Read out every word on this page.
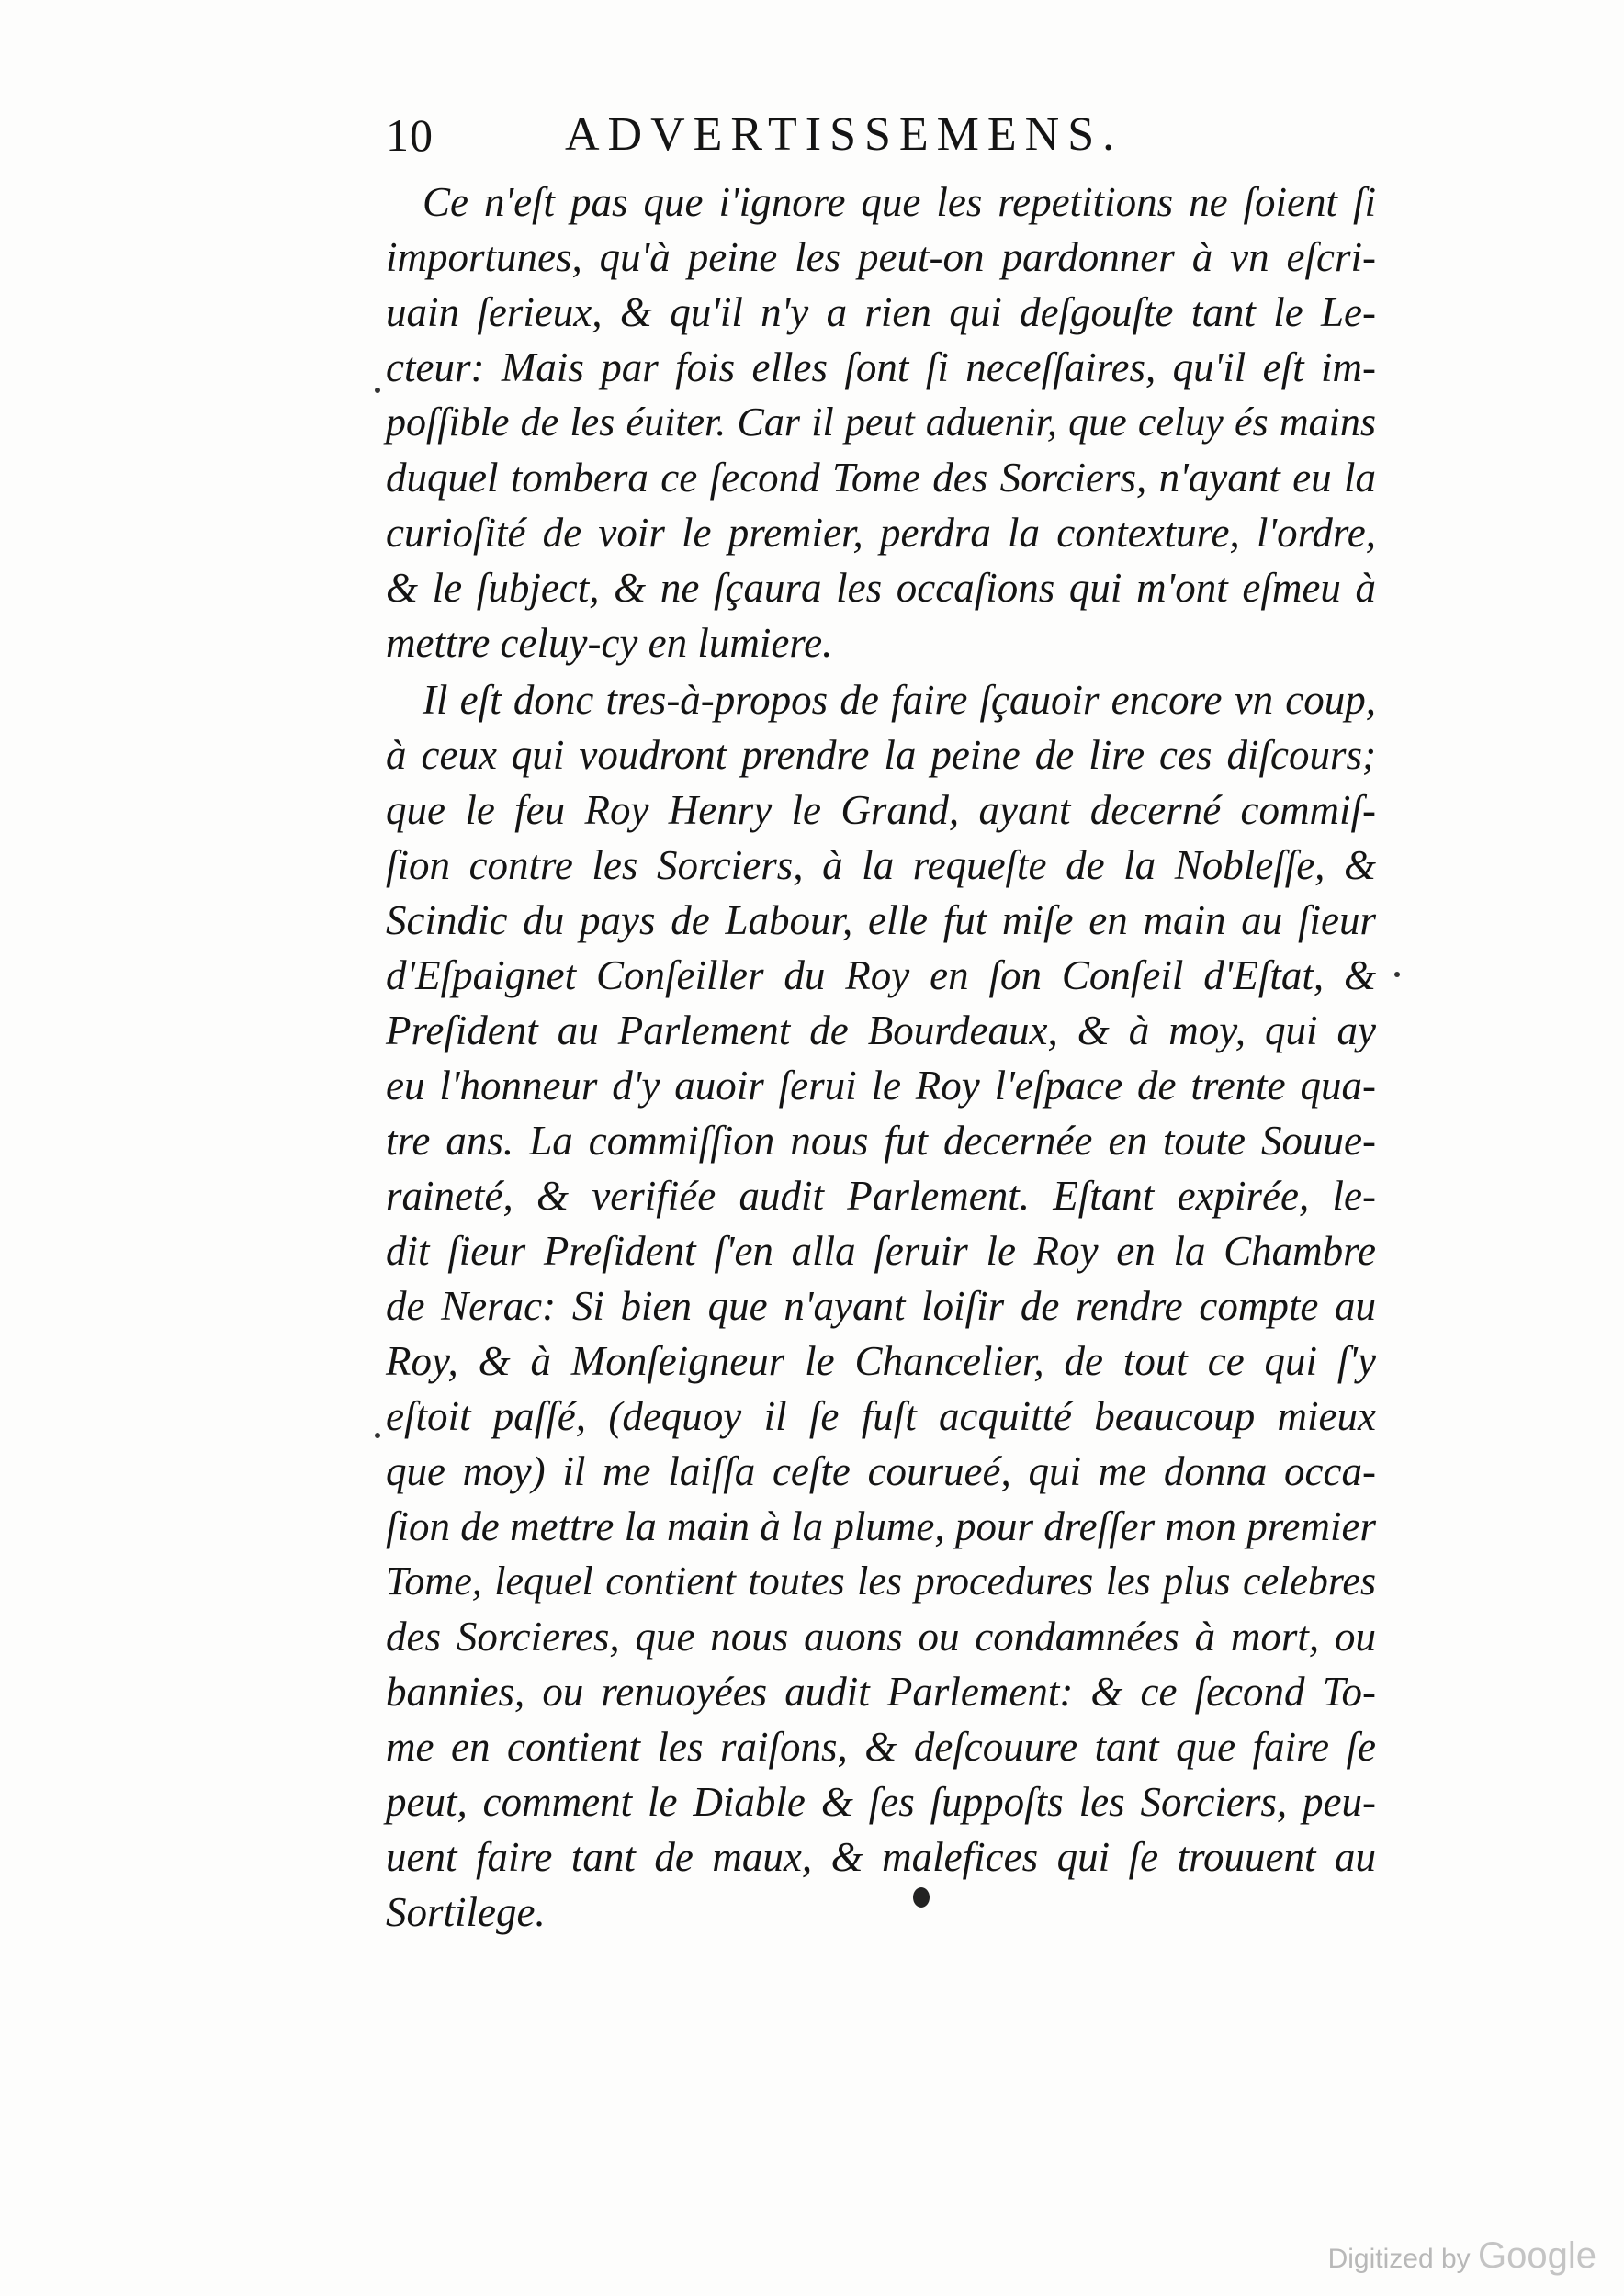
10	ADVERTISSEMENS.

Ce n'eſt pas que i'ignore que les repetitions ne ſoient ſi
importunes, qu'à peine les peut-on pardonner à vn eſcri-
uain ſerieux, & qu'il n'y a rien qui deſgouſte tant le Le-
cteur: Mais par fois elles ſont ſi neceſſaires, qu'il eſt im-
poſſible de les éuiter. Car il peut aduenir, que celuy és mains
duquel tombera ce ſecond Tome des Sorciers, n'ayant eu la
curioſité de voir le premier, perdra la contexture, l'ordre,
& le ſubject, & ne ſçaura les occaſions qui m'ont eſmeu à
mettre celuy-cy en lumiere.

Il eſt donc tres-à-propos de faire ſçauoir encore vn coup,
à ceux qui voudront prendre la peine de lire ces diſcours;
que le feu Roy Henry le Grand, ayant decerné commiſ-
ſion contre les Sorciers, à la requeſte de la Nobleſſe, &
Scindic du pays de Labour, elle fut miſe en main au ſieur
d'Eſpaignet Conſeiller du Roy en ſon Conſeil d'Eſtat, &
Preſident au Parlement de Bourdeaux, & à moy, qui ay
eu l'honneur d'y auoir ſerui le Roy l'eſpace de trente qua-
tre ans. La commiſſion nous fut decernée en toute Souue-
raineté, & verifiée audit Parlement. Eſtant expirée, le-
dit ſieur Preſident ſ'en alla ſeruir le Roy en la Chambre
de Nerac: Si bien que n'ayant loiſir de rendre compte au
Roy, & à Monſeigneur le Chancelier, de tout ce qui ſ'y
eſtoit paſſé, (dequoy il ſe fuſt acquitté beaucoup mieux
que moy) il me laiſſa ceſte courueé, qui me donna occa-
ſion de mettre la main à la plume, pour dreſſer mon premier
Tome, lequel contient toutes les procedures les plus celebres
des Sorcieres, que nous auons ou condamnées à mort, ou
bannies, ou renuoyées audit Parlement: & ce ſecond To-
me en contient les raiſons, & deſcouure tant que faire ſe
peut, comment le Diable & ſes ſuppoſts les Sorciers, peu-
uent faire tant de maux, & malefices qui ſe trouuent au
Sortilege.

Digitized by Google
